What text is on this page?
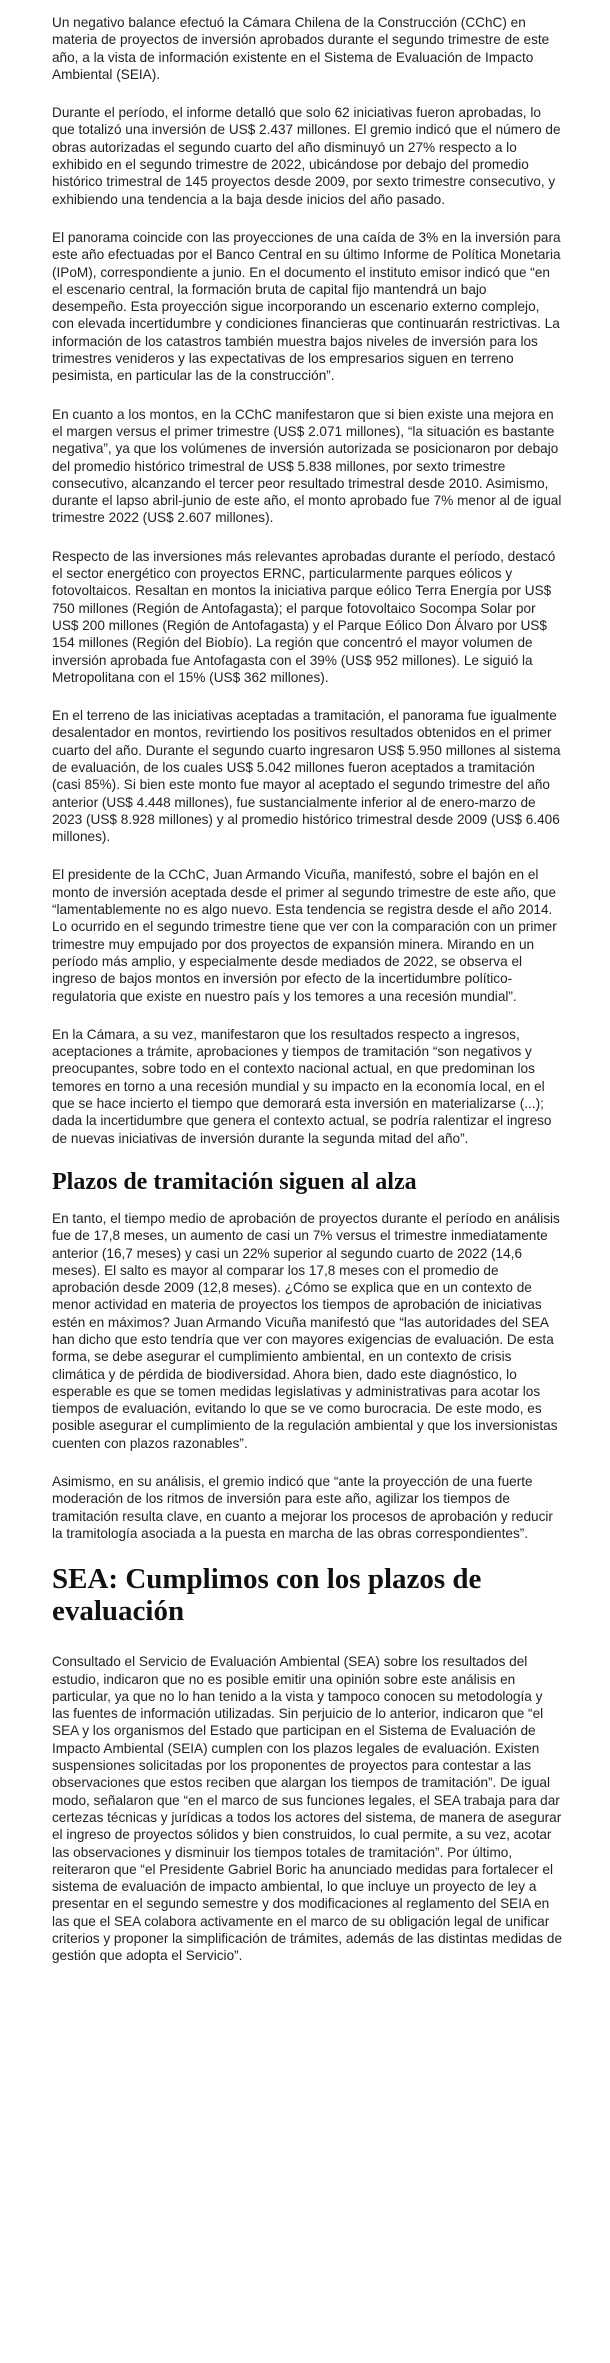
Un negativo balance efectuó la Cámara Chilena de la Construcción (CChC) en materia de proyectos de inversión aprobados durante el segundo trimestre de este año, a la vista de información existente en el Sistema de Evaluación de Impacto Ambiental (SEIA).

Durante el período, el informe detalló que solo 62 iniciativas fueron aprobadas, lo que totalizó una inversión de US$ 2.437 millones. El gremio indicó que el número de obras autorizadas el segundo cuarto del año disminuyó un 27% respecto a lo exhibido en el segundo trimestre de 2022, ubicándose por debajo del promedio histórico trimestral de 145 proyectos desde 2009, por sexto trimestre consecutivo, y exhibiendo una tendencia a la baja desde inicios del año pasado.

El panorama coincide con las proyecciones de una caída de 3% en la inversión para este año efectuadas por el Banco Central en su último Informe de Política Monetaria (IPoM), correspondiente a junio. En el documento el instituto emisor indicó que “en el escenario central, la formación bruta de capital fijo mantendrá un bajo desempeño. Esta proyección sigue incorporando un escenario externo complejo, con elevada incertidumbre y condiciones financieras que continuarán restrictivas. La información de los catastros también muestra bajos niveles de inversión para los trimestres venideros y las expectativas de los empresarios siguen en terreno pesimista, en particular las de la construcción”.

En cuanto a los montos, en la CChC manifestaron que si bien existe una mejora en el margen versus el primer trimestre (US$ 2.071 millones), “la situación es bastante negativa”, ya que los volúmenes de inversión autorizada se posicionaron por debajo del promedio histórico trimestral de US$ 5.838 millones, por sexto trimestre consecutivo, alcanzando el tercer peor resultado trimestral desde 2010. Asimismo, durante el lapso abril-junio de este año, el monto aprobado fue 7% menor al de igual trimestre 2022 (US$ 2.607 millones).

Respecto de las inversiones más relevantes aprobadas durante el período, destacó el sector energético con proyectos ERNC, particularmente parques eólicos y fotovoltaicos. Resaltan en montos la iniciativa parque eólico Terra Energía por US$ 750 millones (Región de Antofagasta); el parque fotovoltaico Socompa Solar por US$ 200 millones (Región de Antofagasta) y el Parque Eólico Don Álvaro por US$ 154 millones (Región del Biobío). La región que concentró el mayor volumen de inversión aprobada fue Antofagasta con el 39% (US$ 952 millones). Le siguió la Metropolitana con el 15% (US$ 362 millones).

En el terreno de las iniciativas aceptadas a tramitación, el panorama fue igualmente desalentador en montos, revirtiendo los positivos resultados obtenidos en el primer cuarto del año. Durante el segundo cuarto ingresaron US$ 5.950 millones al sistema de evaluación, de los cuales US$ 5.042 millones fueron aceptados a tramitación (casi 85%). Si bien este monto fue mayor al aceptado el segundo trimestre del año anterior (US$ 4.448 millones), fue sustancialmente inferior al de enero-marzo de 2023 (US$ 8.928 millones) y al promedio histórico trimestral desde 2009 (US$ 6.406 millones).

El presidente de la CChC, Juan Armando Vicuña, manifestó, sobre el bajón en el monto de inversión aceptada desde el primer al segundo trimestre de este año, que “lamentablemente no es algo nuevo. Esta tendencia se registra desde el año 2014. Lo ocurrido en el segundo trimestre tiene que ver con la comparación con un primer trimestre muy empujado por dos proyectos de expansión minera. Mirando en un período más amplio, y especialmente desde mediados de 2022, se observa el ingreso de bajos montos en inversión por efecto de la incertidumbre político-regulatoria que existe en nuestro país y los temores a una recesión mundial”.

En la Cámara, a su vez, manifestaron que los resultados respecto a ingresos, aceptaciones a trámite, aprobaciones y tiempos de tramitación “son negativos y preocupantes, sobre todo en el contexto nacional actual, en que predominan los temores en torno a una recesión mundial y su impacto en la economía local, en el que se hace incierto el tiempo que demorará esta inversión en materializarse (...); dada la incertidumbre que genera el contexto actual, se podría ralentizar el ingreso de nuevas iniciativas de inversión durante la segunda mitad del año”.

Plazos de tramitación siguen al alza

En tanto, el tiempo medio de aprobación de proyectos durante el período en análisis fue de 17,8 meses, un aumento de casi un 7% versus el trimestre inmediatamente anterior (16,7 meses) y casi un 22% superior al segundo cuarto de 2022 (14,6 meses). El salto es mayor al comparar los 17,8 meses con el promedio de aprobación desde 2009 (12,8 meses). ¿Cómo se explica que en un contexto de menor actividad en materia de proyectos los tiempos de aprobación de iniciativas estén en máximos? Juan Armando Vicuña manifestó que “las autoridades del SEA han dicho que esto tendría que ver con mayores exigencias de evaluación. De esta forma, se debe asegurar el cumplimiento ambiental, en un contexto de crisis climática y de pérdida de biodiversidad. Ahora bien, dado este diagnóstico, lo esperable es que se tomen medidas legislativas y administrativas para acotar los tiempos de evaluación, evitando lo que se ve como burocracia. De este modo, es posible asegurar el cumplimiento de la regulación ambiental y que los inversionistas cuenten con plazos razonables”.

Asimismo, en su análisis, el gremio indicó que “ante la proyección de una fuerte moderación de los ritmos de inversión para este año, agilizar los tiempos de tramitación resulta clave, en cuanto a mejorar los procesos de aprobación y reducir la tramitología asociada a la puesta en marcha de las obras correspondientes”.

SEA: Cumplimos con los plazos de evaluación

Consultado el Servicio de Evaluación Ambiental (SEA) sobre los resultados del estudio, indicaron que no es posible emitir una opinión sobre este análisis en particular, ya que no lo han tenido a la vista y tampoco conocen su metodología y las fuentes de información utilizadas. Sin perjuicio de lo anterior, indicaron que “el SEA y los organismos del Estado que participan en el Sistema de Evaluación de Impacto Ambiental (SEIA) cumplen con los plazos legales de evaluación. Existen suspensiones solicitadas por los proponentes de proyectos para contestar a las observaciones que estos reciben que alargan los tiempos de tramitación”. De igual modo, señalaron que “en el marco de sus funciones legales, el SEA trabaja para dar certezas técnicas y jurídicas a todos los actores del sistema, de manera de asegurar el ingreso de proyectos sólidos y bien construidos, lo cual permite, a su vez, acotar las observaciones y disminuir los tiempos totales de tramitación”. Por último, reiteraron que “el Presidente Gabriel Boric ha anunciado medidas para fortalecer el sistema de evaluación de impacto ambiental, lo que incluye un proyecto de ley a presentar en el segundo semestre y dos modificaciones al reglamento del SEIA en las que el SEA colabora activamente en el marco de su obligación legal de unificar criterios y proponer la simplificación de trámites, además de las distintas medidas de gestión que adopta el Servicio”.
